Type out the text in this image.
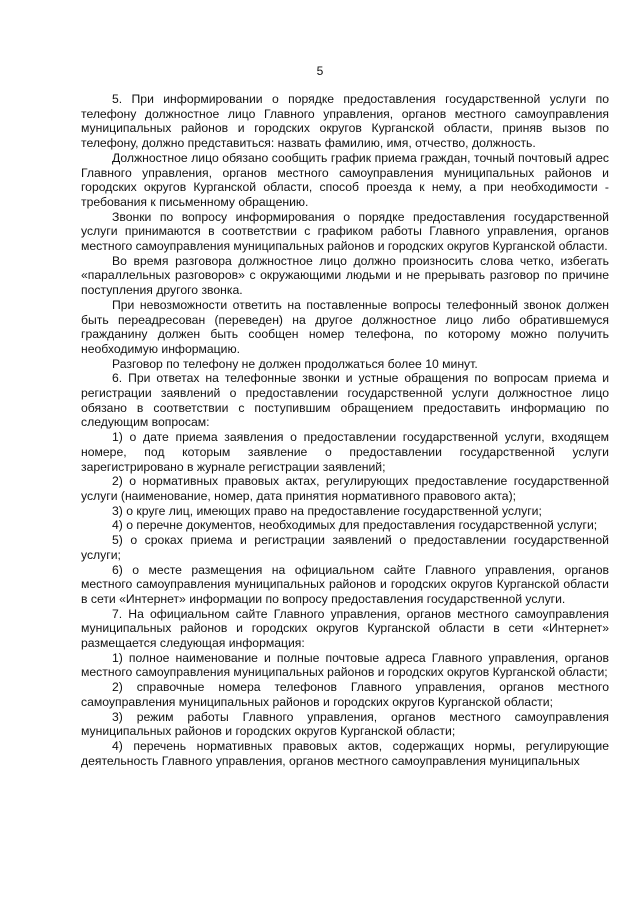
5

5. При информировании о порядке предоставления государственной услуги по телефону должностное лицо Главного управления, органов местного самоуправления муниципальных районов и городских округов Курганской области, приняв вызов по телефону, должно представиться: назвать фамилию, имя, отчество, должность.

Должностное лицо обязано сообщить график приема граждан, точный почтовый адрес Главного управления, органов местного самоуправления муниципальных районов и городских округов Курганской области, способ проезда к нему, а при необходимости - требования к письменному обращению.

Звонки по вопросу информирования о порядке предоставления государственной услуги принимаются в соответствии с графиком работы Главного управления, органов местного самоуправления муниципальных районов и городских округов Курганской области.

Во время разговора должностное лицо должно произносить слова четко, избегать «параллельных разговоров» с окружающими людьми и не прерывать разговор по причине поступления другого звонка.

При невозможности ответить на поставленные вопросы телефонный звонок должен быть переадресован (переведен) на другое должностное лицо либо обратившемуся гражданину должен быть сообщен номер телефона, по которому можно получить необходимую информацию.

Разговор по телефону не должен продолжаться более 10 минут.

6. При ответах на телефонные звонки и устные обращения по вопросам приема и регистрации заявлений о предоставлении государственной услуги должностное лицо обязано в соответствии с поступившим обращением предоставить информацию по следующим вопросам:

1) о дате приема заявления о предоставлении государственной услуги, входящем номере, под которым заявление о предоставлении государственной услуги зарегистрировано в журнале регистрации заявлений;

2) о нормативных правовых актах, регулирующих предоставление государственной услуги (наименование, номер, дата принятия нормативного правового акта);

3) о круге лиц, имеющих право на предоставление государственной услуги;

4) о перечне документов, необходимых для предоставления государственной услуги;

5) о сроках приема и регистрации заявлений о предоставлении государственной услуги;

6) о месте размещения на официальном сайте Главного управления, органов местного самоуправления муниципальных районов и городских округов Курганской области в сети «Интернет» информации по вопросу предоставления государственной услуги.

7. На официальном сайте Главного управления, органов местного самоуправления муниципальных районов и городских округов Курганской области в сети «Интернет» размещается следующая информация:

1) полное наименование и полные почтовые адреса Главного управления, органов местного самоуправления муниципальных районов и городских округов Курганской области;

2) справочные номера телефонов Главного управления, органов местного самоуправления муниципальных районов и городских округов Курганской области;

3) режим работы Главного управления, органов местного самоуправления муниципальных районов и городских округов Курганской области;

4) перечень нормативных правовых актов, содержащих нормы, регулирующие деятельность Главного управления, органов местного самоуправления муниципальных
